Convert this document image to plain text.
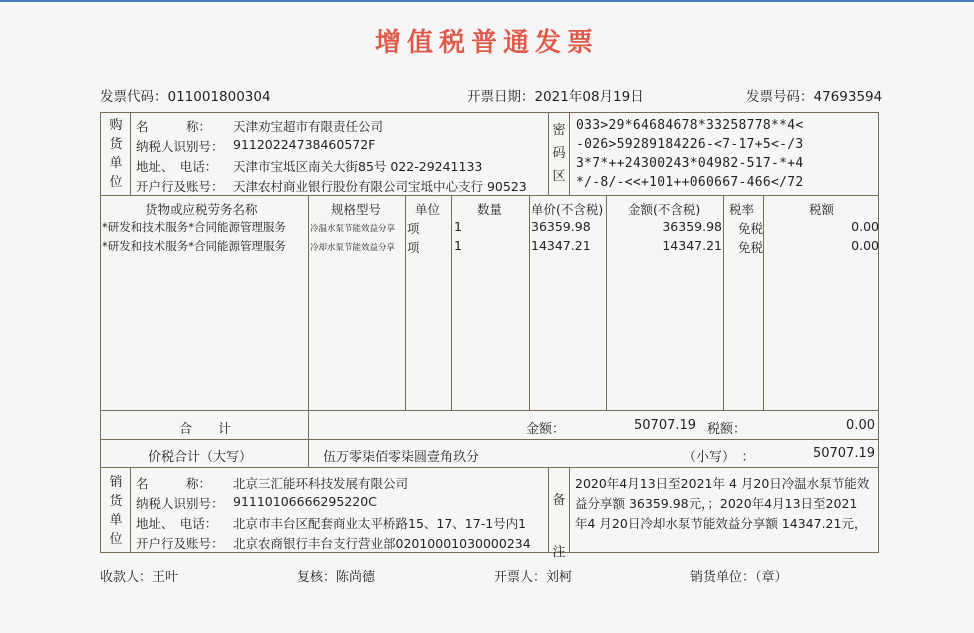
增值税普通发票
发票代码：011001800304	开票日期：2021年08月19日	发票号码：47693594
购
货
单
位
名　　　称： 天津劝宝超市有限责任公司
纳税人识别号： 91120224738460572F
地址、　电话： 天津市宝坻区南关大街85号 022-29241133
开户行及账号： 天津农村商业银行股份有限公司宝坻中心支行 90523
密
码
区
033>29*64684678*33258778**4<
-026>59289184226-<7-17+5<-/3
3*7*++24300243*04982-517-*+4
*/-8/-<<+101++060667-466</72
货物或应税劳务名称	规格型号	单位	数量 单价(不含税) 金额(不含税) 税率	税额
*研发和技术服务*合同能源管理服务	冷温水泵节能效益分享 项	1	36359.98	36359.98 免税	0.00
*研发和技术服务*合同能源管理服务	冷却水泵节能效益分享 项	1	14347.21	14347.21 免税	0.00
合　　计	金额：	50707.19 税额：	0.00
价税合计（大写）	伍万零柒佰零柒圆壹角玖分	（小写）　：	50707.19
销
货
单
位
名　　　称： 北京三汇能环科技发展有限公司
纳税人识别号： 91110106666295220C
地址、　电话： 北京市丰台区配套商业太平桥路15、17、17-1号内1
开户行及账号： 北京农商银行丰台支行营业部0201000103000023​4
备
注
2020年4月13日至2021年 4 月20日冷温水泵节能效
益分享额 36359.98元，；2020年4月13日至2021
年4 月20日冷却水泵节能效益分享额 14347.21元，
收款人：王叶	复核：陈尚德	开票人：刘柯	销货单位：（章）
